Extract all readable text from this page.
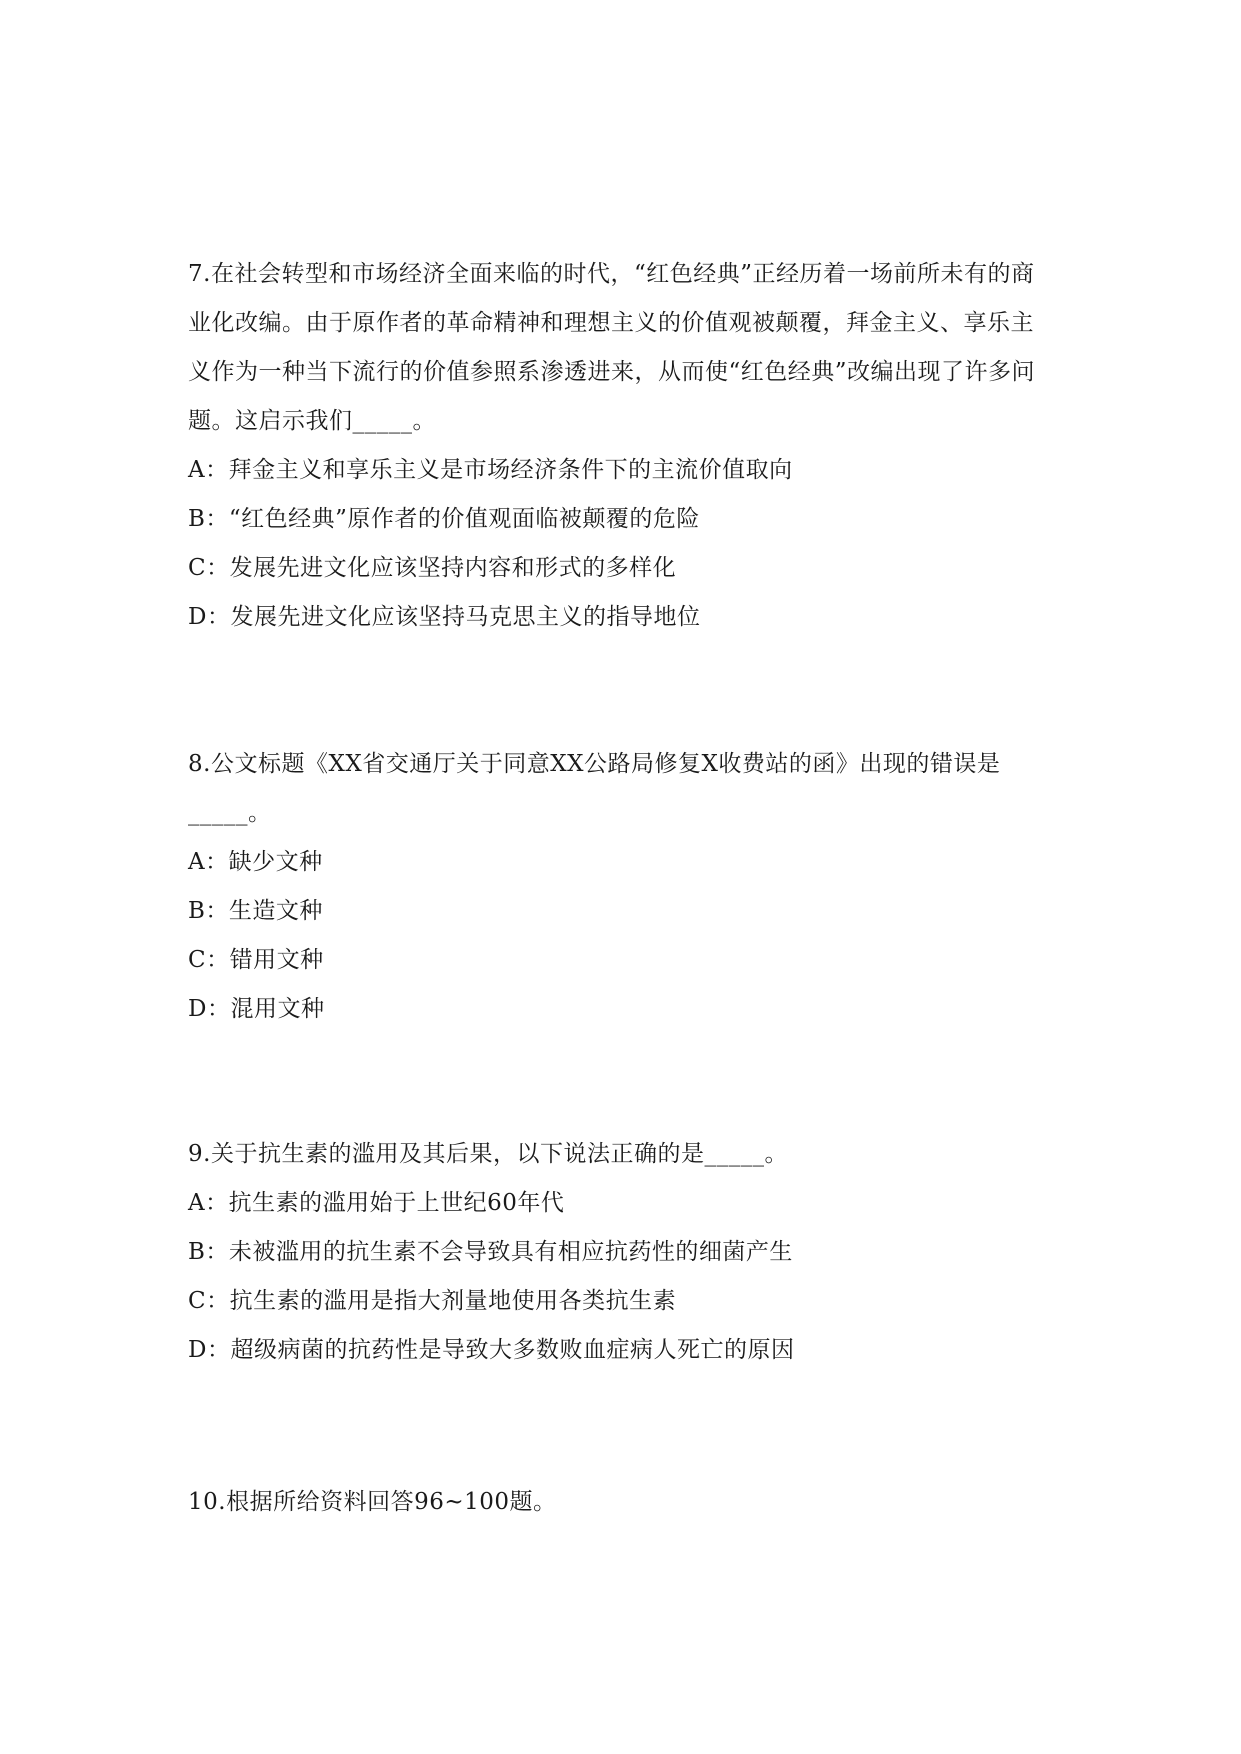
7.在社会转型和市场经济全面来临的时代，“红色经典”正经历着一场前所未有的商业化改编。由于原作者的革命精神和理想主义的价值观被颠覆，拜金主义、享乐主义作为一种当下流行的价值参照系渗透进来，从而使“红色经典”改编出现了许多问题。这启示我们_____。

A：拜金主义和享乐主义是市场经济条件下的主流价值取向

B：“红色经典”原作者的价值观面临被颠覆的危险

C：发展先进文化应该坚持内容和形式的多样化

D：发展先进文化应该坚持马克思主义的指导地位

8.公文标题《XX省交通厅关于同意XX公路局修复X收费站的函》出现的错误是_____。

A：缺少文种

B：生造文种

C：错用文种

D：混用文种

9.关于抗生素的滥用及其后果，以下说法正确的是_____。

A：抗生素的滥用始于上世纪60年代

B：未被滥用的抗生素不会导致具有相应抗药性的细菌产生

C：抗生素的滥用是指大剂量地使用各类抗生素

D：超级病菌的抗药性是导致大多数败血症病人死亡的原因

10.根据所给资料回答96~100题。
